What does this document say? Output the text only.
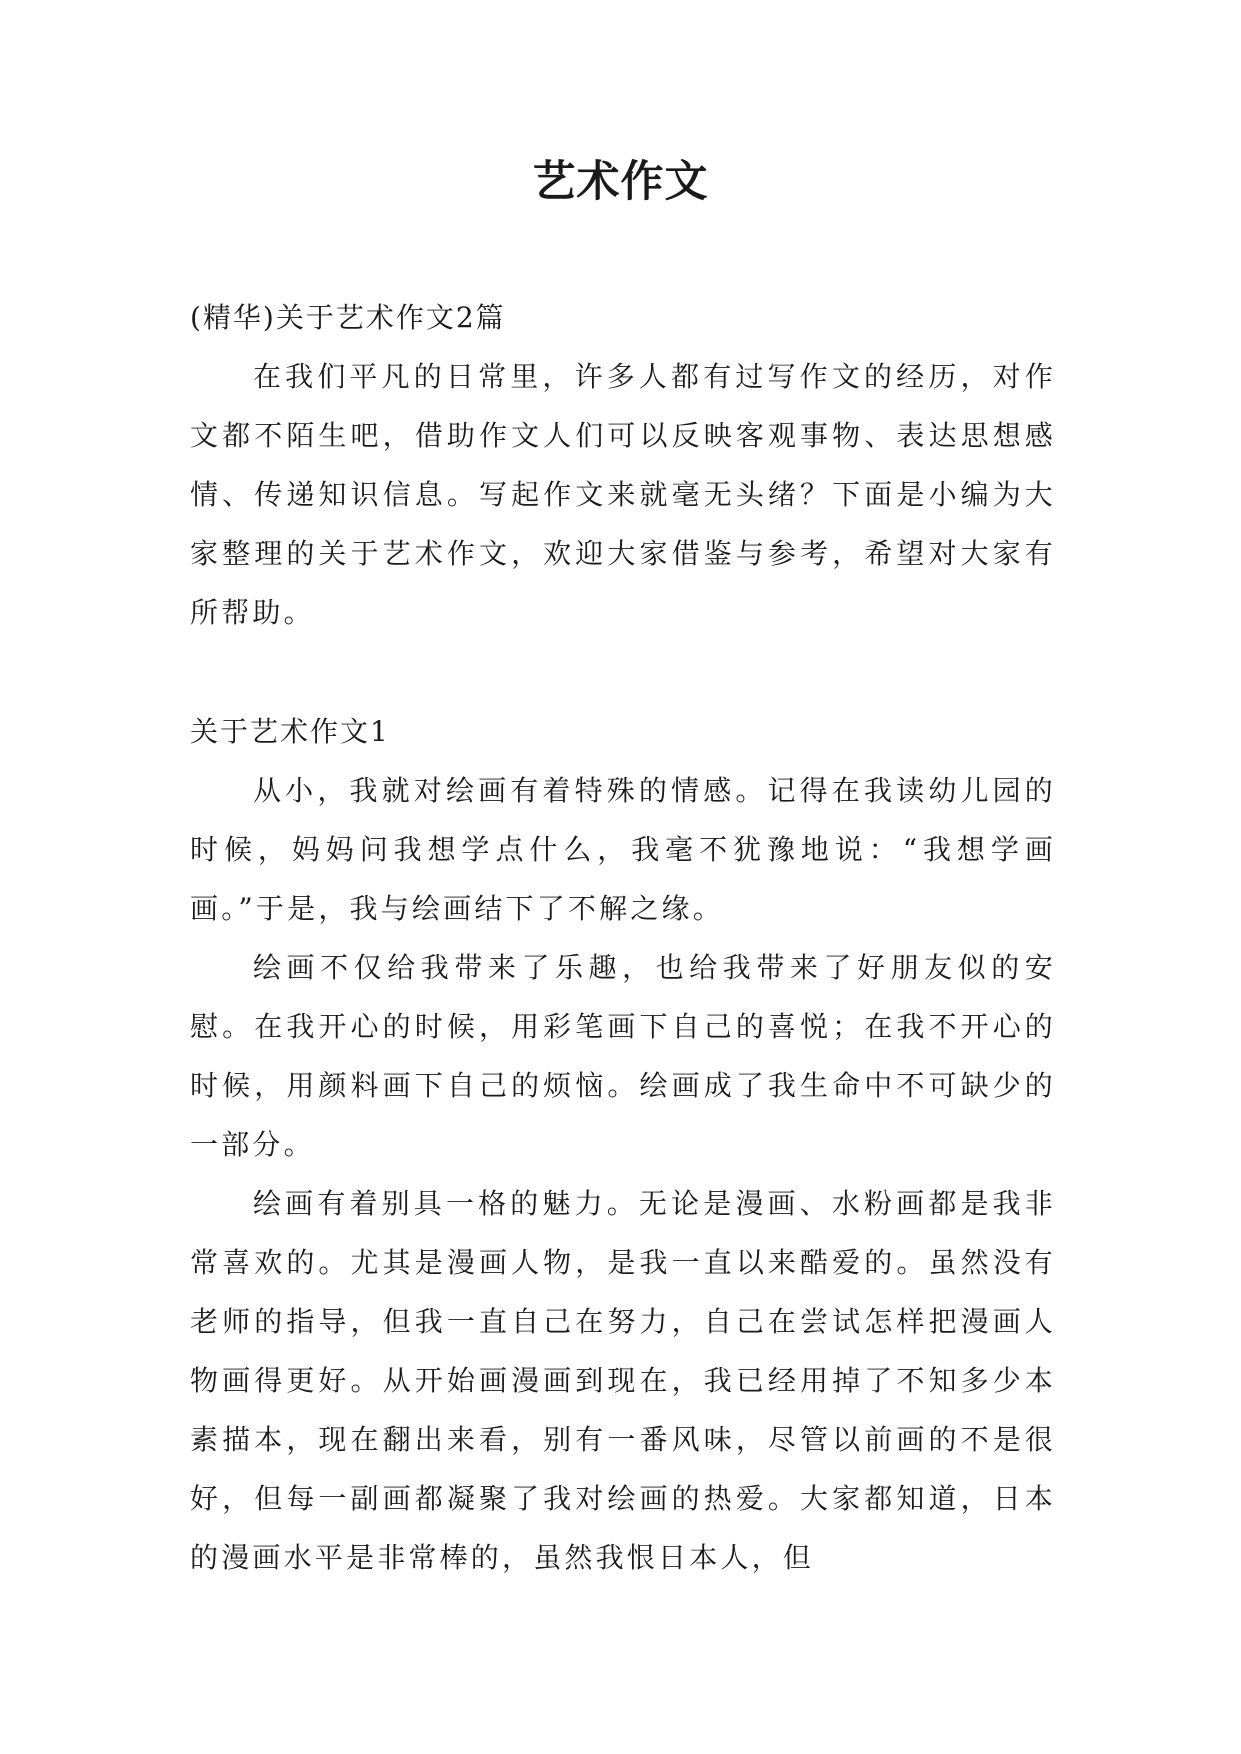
艺术作文

(精华)关于艺术作文2篇

在我们平凡的日常里，许多人都有过写作文的经历，对作文都不陌生吧，借助作文人们可以反映客观事物、表达思想感情、传递知识信息。写起作文来就毫无头绪？下面是小编为大家整理的关于艺术作文，欢迎大家借鉴与参考，希望对大家有所帮助。

关于艺术作文1

从小，我就对绘画有着特殊的情感。记得在我读幼儿园的时候，妈妈问我想学点什么，我毫不犹豫地说：“我想学画画。”于是，我与绘画结下了不解之缘。

绘画不仅给我带来了乐趣，也给我带来了好朋友似的安慰。在我开心的时候，用彩笔画下自己的喜悦；在我不开心的时候，用颜料画下自己的烦恼。绘画成了我生命中不可缺少的一部分。

绘画有着别具一格的魅力。无论是漫画、水粉画都是我非常喜欢的。尤其是漫画人物，是我一直以来酷爱的。虽然没有老师的指导，但我一直自己在努力，自己在尝试怎样把漫画人物画得更好。从开始画漫画到现在，我已经用掉了不知多少本素描本，现在翻出来看，别有一番风味，尽管以前画的不是很好，但每一副画都凝聚了我对绘画的热爱。大家都知道，日本的漫画水平是非常棒的，虽然我恨日本人，但
